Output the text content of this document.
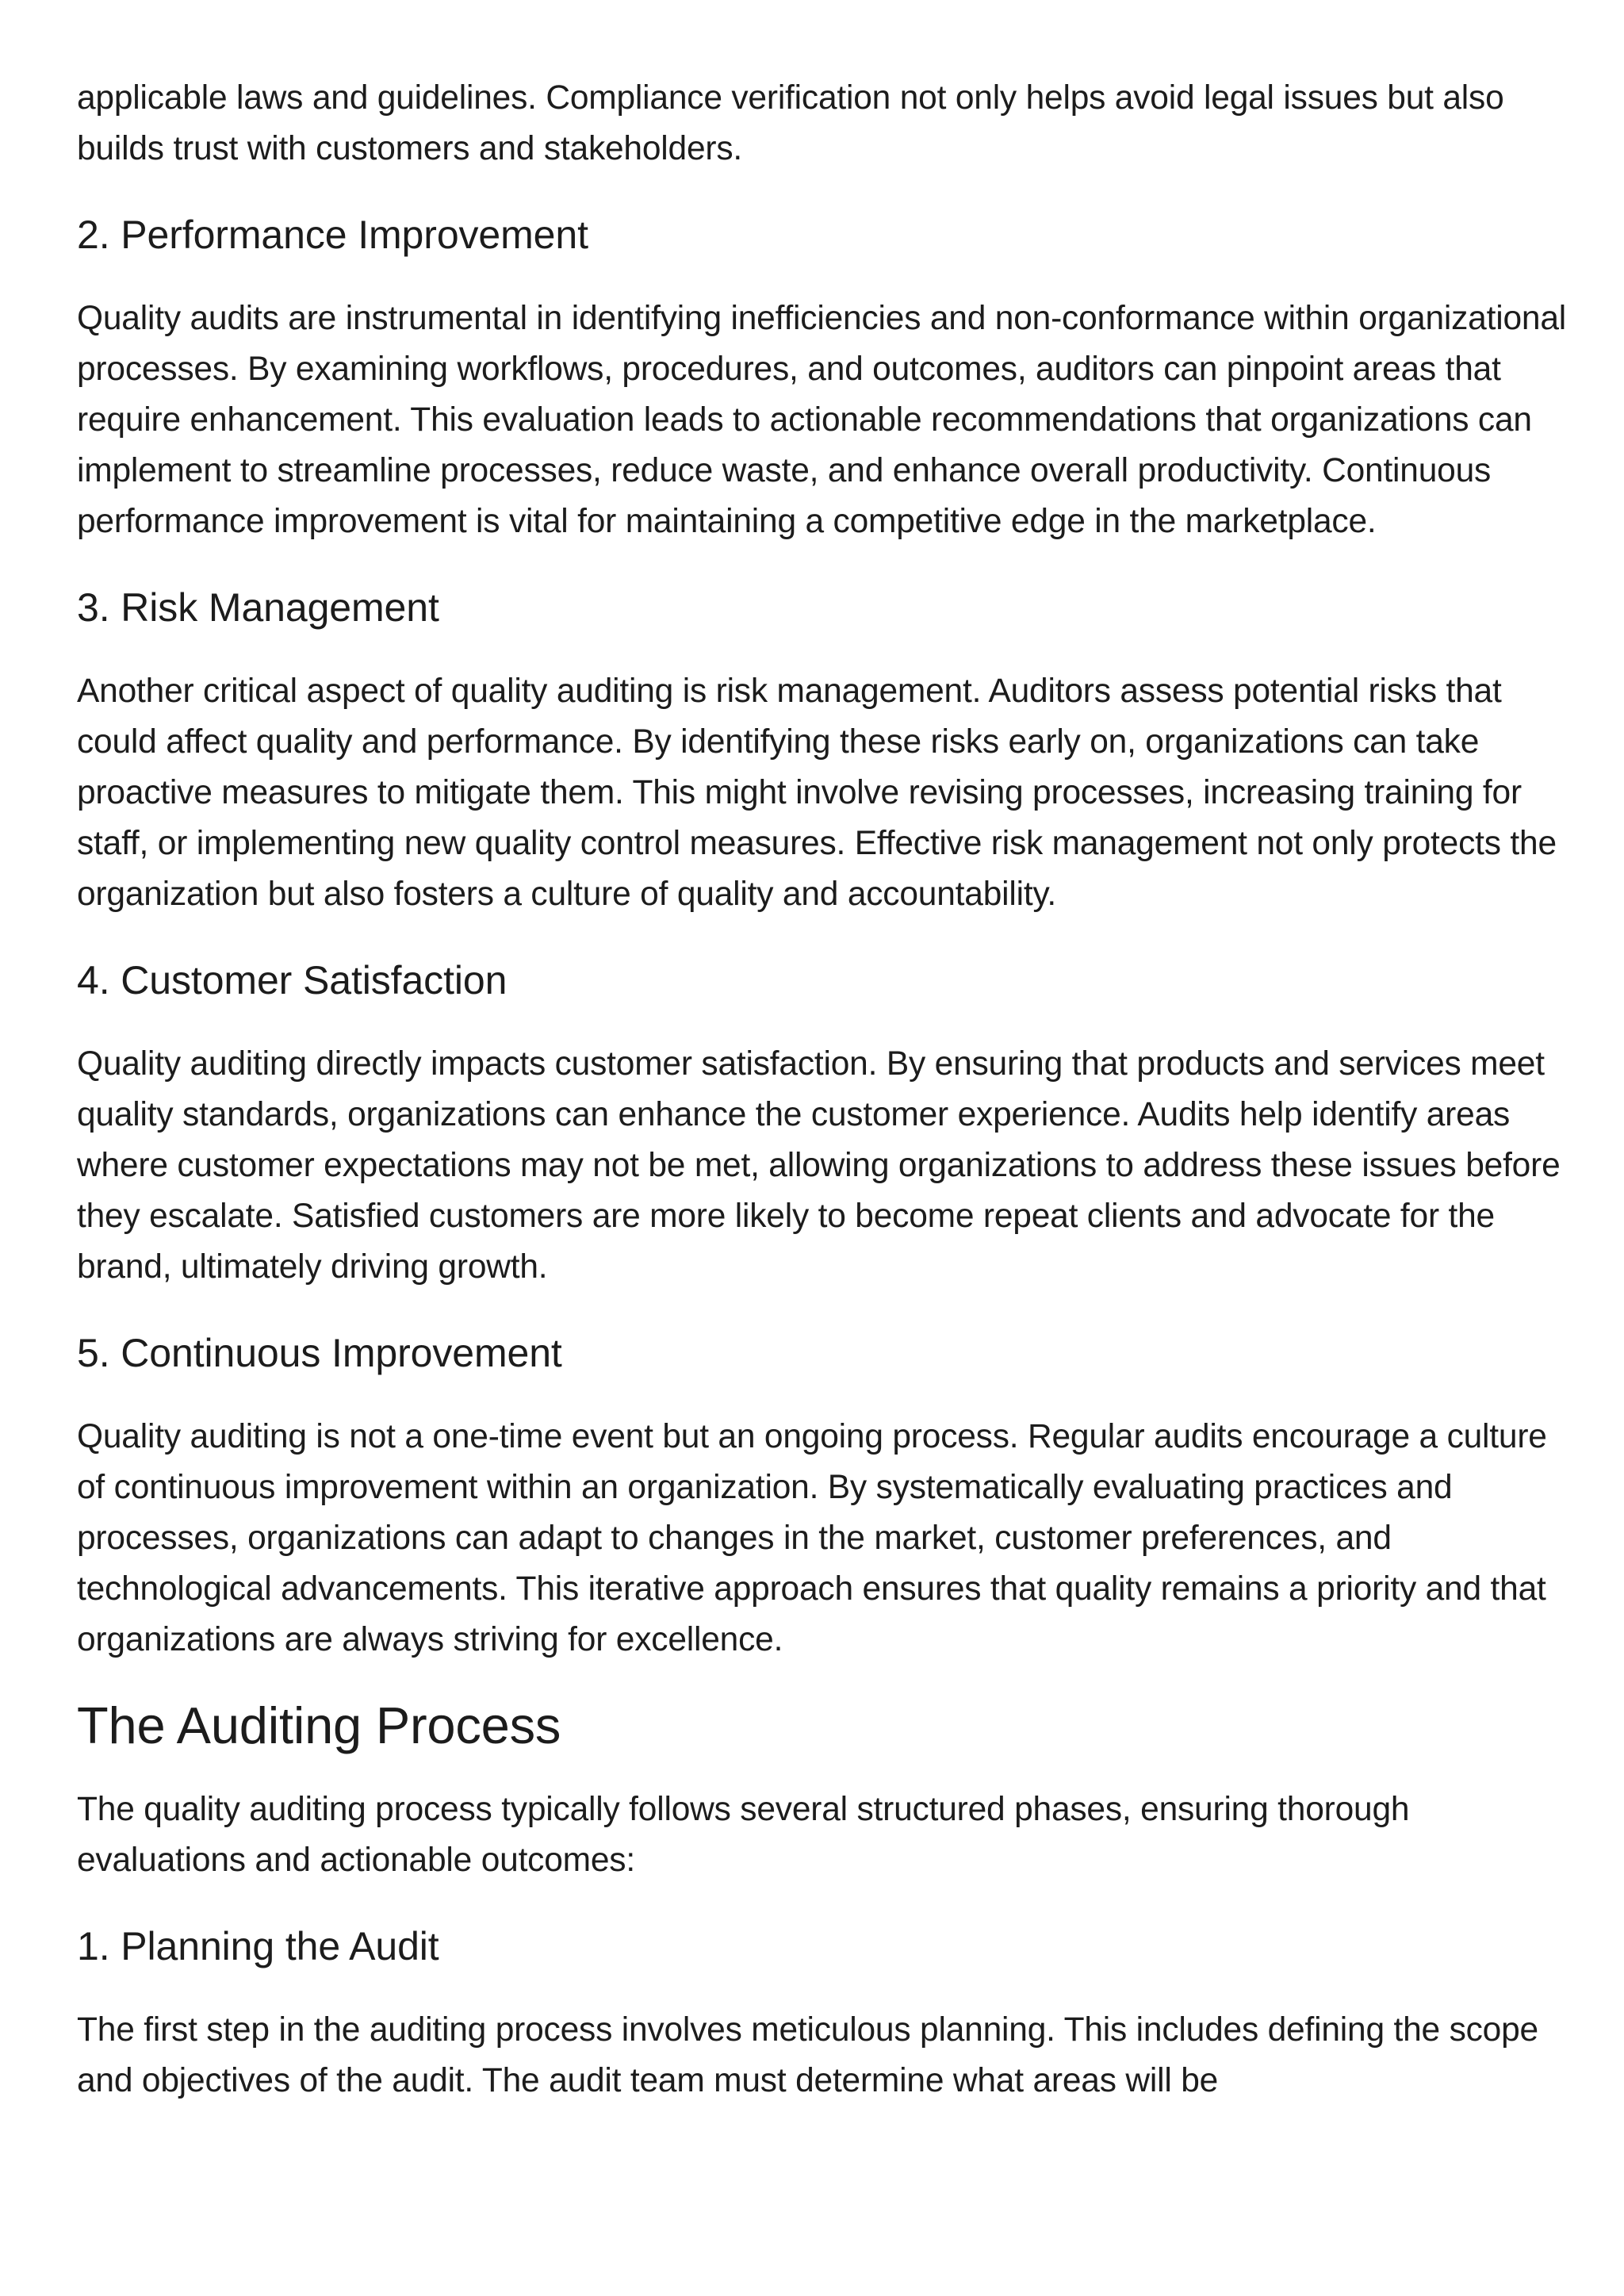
applicable laws and guidelines. Compliance verification not only helps avoid legal issues but also builds trust with customers and stakeholders.

2. Performance Improvement

Quality audits are instrumental in identifying inefficiencies and non-conformance within organizational processes. By examining workflows, procedures, and outcomes, auditors can pinpoint areas that require enhancement. This evaluation leads to actionable recommendations that organizations can implement to streamline processes, reduce waste, and enhance overall productivity. Continuous performance improvement is vital for maintaining a competitive edge in the marketplace.

3. Risk Management

Another critical aspect of quality auditing is risk management. Auditors assess potential risks that could affect quality and performance. By identifying these risks early on, organizations can take proactive measures to mitigate them. This might involve revising processes, increasing training for staff, or implementing new quality control measures. Effective risk management not only protects the organization but also fosters a culture of quality and accountability.

4. Customer Satisfaction

Quality auditing directly impacts customer satisfaction. By ensuring that products and services meet quality standards, organizations can enhance the customer experience. Audits help identify areas where customer expectations may not be met, allowing organizations to address these issues before they escalate. Satisfied customers are more likely to become repeat clients and advocate for the brand, ultimately driving growth.

5. Continuous Improvement

Quality auditing is not a one-time event but an ongoing process. Regular audits encourage a culture of continuous improvement within an organization. By systematically evaluating practices and processes, organizations can adapt to changes in the market, customer preferences, and technological advancements. This iterative approach ensures that quality remains a priority and that organizations are always striving for excellence.

The Auditing Process

The quality auditing process typically follows several structured phases, ensuring thorough evaluations and actionable outcomes:

1. Planning the Audit

The first step in the auditing process involves meticulous planning. This includes defining the scope and objectives of the audit. The audit team must determine what areas will be
